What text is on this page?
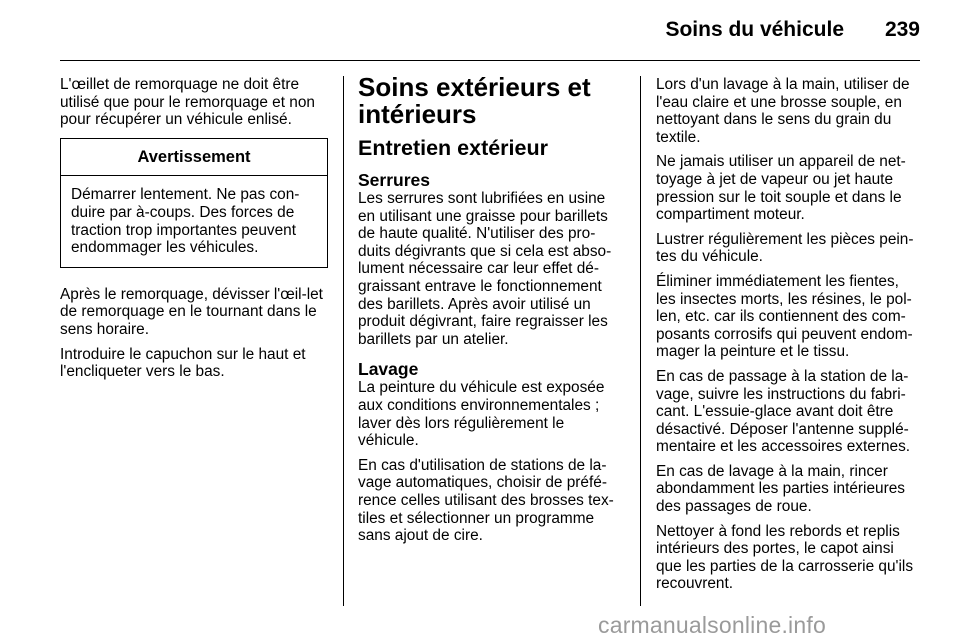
Soins du véhicule 239

L'œillet de remorquage ne doit être utilisé que pour le remorquage et non pour récupérer un véhicule enlisé.

Avertissement
Démarrer lentement. Ne pas con-duire par à-coups. Des forces de traction trop importantes peuvent endommager les véhicules.

Après le remorquage, dévisser l'œil-let de remorquage en le tournant dans le sens horaire.

Introduire le capuchon sur le haut et l'encliqueter vers le bas.

Soins extérieurs et intérieurs
Entretien extérieur
Serrures

Les serrures sont lubrifiées en usine en utilisant une graisse pour barillets de haute qualité. N'utiliser des pro-duits dégivrants que si cela est abso-lument nécessaire car leur effet dé-graissant entrave le fonctionnement des barillets. Après avoir utilisé un produit dégivrant, faire regraisser les barillets par un atelier.

Lavage

La peinture du véhicule est exposée aux conditions environnementales ; laver dès lors régulièrement le véhicule.

En cas d'utilisation de stations de la-vage automatiques, choisir de préfé-rence celles utilisant des brosses tex-tiles et sélectionner un programme sans ajout de cire.

Lors d'un lavage à la main, utiliser de l'eau claire et une brosse souple, en nettoyant dans le sens du grain du textile.

Ne jamais utiliser un appareil de net-toyage à jet de vapeur ou jet haute pression sur le toit souple et dans le compartiment moteur.

Lustrer régulièrement les pièces pein-tes du véhicule.

Éliminer immédiatement les fientes, les insectes morts, les résines, le pol-len, etc. car ils contiennent des com-posants corrosifs qui peuvent endom-mager la peinture et le tissu.

En cas de passage à la station de la-vage, suivre les instructions du fabri-cant. L'essuie-glace avant doit être désactivé. Déposer l'antenne supplé-mentaire et les accessoires externes.

En cas de lavage à la main, rincer abondamment les parties intérieures des passages de roue.

Nettoyer à fond les rebords et replis intérieurs des portes, le capot ainsi que les parties de la carrosserie qu'ils recouvrent.

carmanualsonline.info
